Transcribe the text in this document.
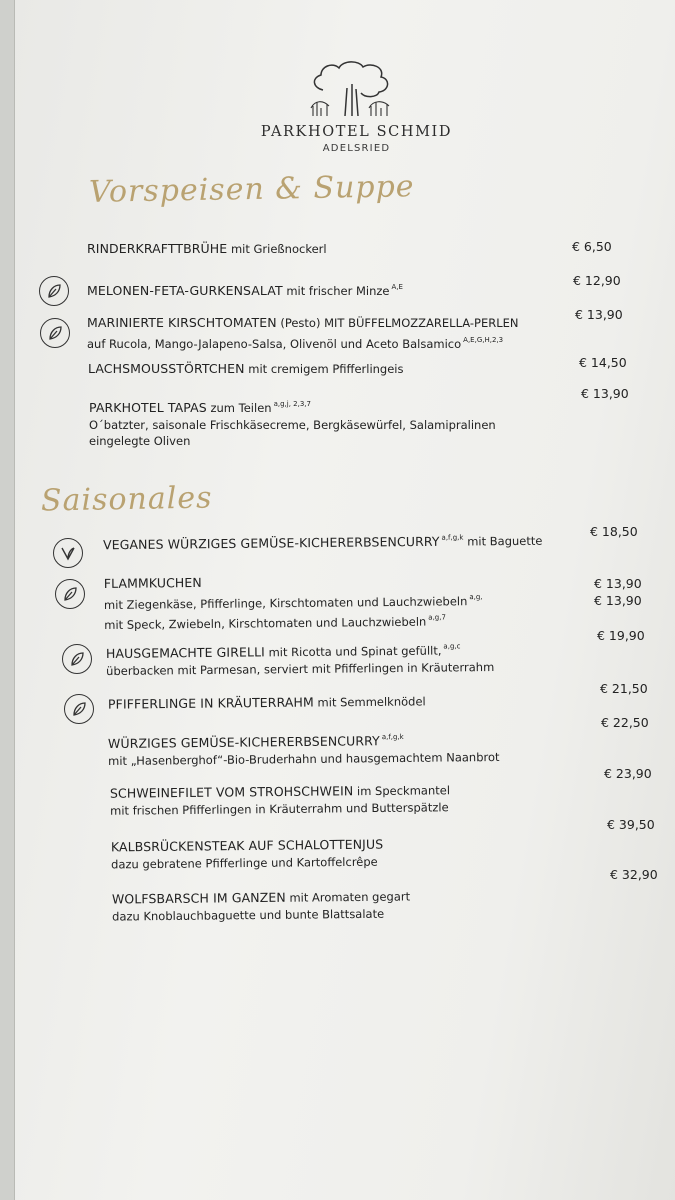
PARKHOTEL SCHMID
ADELSRIED
Vorspeisen & Suppe
RINDERKRAFTTBRÜHE mit Grießnockerl	€ 6,50
MELONEN-FETA-GURKENSALAT mit frischer Minze $^{A,E}$	€ 12,90
MARINIERTE KIRSCHTOMATEN (Pesto) MIT BÜFFELMOZZARELLA-PERLEN
auf Rucola, Mango-Jalapeno-Salsa, Olivenöl und Aceto Balsamico $^{A,E,G,H,2,3}$
€ 13,90
LACHSMOUSSTÖRTCHEN mit cremigem Pfifferlingeis	€ 14,50
PARKHOTEL TAPAS zum Teilen $^{a,g,j, 2,3,7}$
O´batzter, saisonale Frischkäsecreme, Bergkäsewürfel, Salamipralinen
eingelegte Oliven
€ 13,90
Saisonales
VEGANES WÜRZIGES GEMÜSE-KICHERERBSENCURRY $^{a,f,g,k}$ mit Baguette
€ 18,50
FLAMMKUCHEN
mit Ziegenkäse, Pfifferlinge, Kirschtomaten und Lauchzwiebeln $^{a,g,}$
mit Speck, Zwiebeln, Kirschtomaten und Lauchzwiebeln $^{a,g,7}$
€ 13,90
€ 13,90
HAUSGEMACHTE GIRELLI mit Ricotta und Spinat gefüllt, $^{a,g,c}$
überbacken mit Parmesan, serviert mit Pfifferlingen in Kräuterrahm
€ 19,90
PFIFFERLINGE IN KRÄUTERRAHM mit Semmelknödel
€ 21,50
WÜRZIGES GEMÜSE-KICHERERBSENCURRY $^{a,f,g,k}$
mit „Hasenberghof“-Bio-Bruderhahn und hausgemachtem Naanbrot
€ 22,50
SCHWEINEFILET VOM STROHSCHWEIN im Speckmantel
mit frischen Pfifferlingen in Kräuterrahm und Butterspätzle
€ 23,90
KALBSRÜCKENSTEAK AUF SCHALOTTENJUS
dazu gebratene Pfifferlinge und Kartoffelcrêpe
€ 39,50
WOLFSBARSCH IM GANZEN mit Aromaten gegart
dazu Knoblauchbaguette und bunte Blattsalate
€ 32,90
